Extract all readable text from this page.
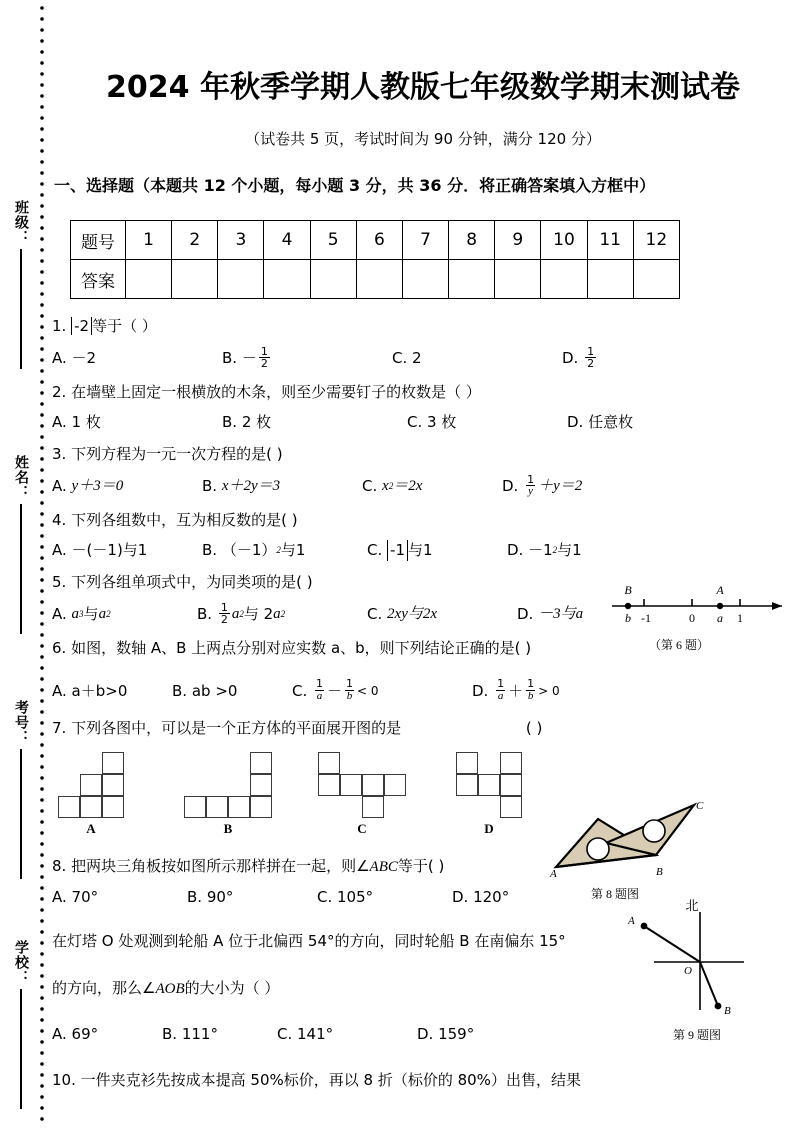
班级：
姓名：
考号：
学校：
2024 年秋季学期人教版七年级数学期末测试卷
（试卷共 5 页，考试时间为 90 分钟，满分 120 分）
一、选择题（本题共 12 个小题，每小题 3 分，共 36 分．将正确答案填入方框中）
题号	1	2	3	4	5	6	7	8	9	10	11	12
答案												
1. -2 等于（ ）
A.
－2	B.
－ $\frac{1}{2}$	C.
2	D.
$\frac{1}{2}$
2. 在墙壁上固定一根横放的木条，则至少需要钉子的枚数是（ ）
A. 1 枚	B. 2 枚	C. 3 枚	D. 任意枚
3. 下列方程为一元一次方程的是( )
A.
y＋3＝0	B.
x＋2y＝3	C.
x 2 ＝2x	D.
$\frac{1}{y} +y=2$
4. 下列各组数中，互为相反数的是( )
A.
－(－1)与1	B.
（－1） 2 与1	C.
-1 与1	D.
－1 2 与1
5. 下列各组单项式中，为同类项的是( )
A.
a 3 与 a 2	B.
$\frac{1}{2}$ a 2 与 2 a 2	C.
2xy与2x	D.
－3与a
B
b
A
a
-1	0	1
（第 6 题）
6. 如图，数轴 A、B 上两点分别对应实数 a、b，则下列结论正确的是( )
A.
a＋b>0	B.
ab >0	C.
$\frac{1}{a} - \frac{1}{b} < 0$	D.
$\frac{1}{a} + \frac{1}{b} > 0$
7. 下列各图中，可以是一个正方体的平面展开图的是	( )
A	B	C	D
A	B
C
第 8 题图
8. 把两块三角板按如图所示那样拼在一起，则∠ABC等于( )
A. 70°	B. 90°	C. 105°	D. 120°
北
A
O
B
第 9 题图
在灯塔 O 处观测到轮船 A 位于北偏西 54°的方向，同时轮船 B 在南偏东 15°
的方向，那么∠AOB的大小为（ ）
A. 69°	B. 111°	C. 141°	D. 159°
10. 一件夹克衫先按成本提高 50%标价，再以 8 折（标价的 80%）出售，结果
